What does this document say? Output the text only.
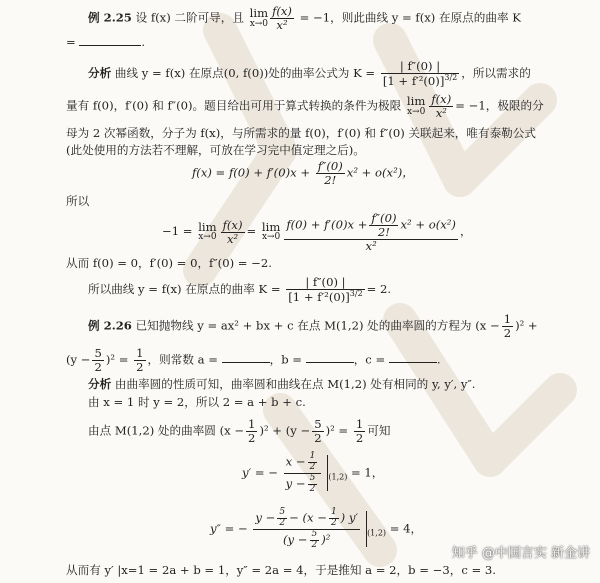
例 2.25 设 f(x) 二阶可导，且 lim
$x\to 0 \frac{f(x)}{\text{x²}} = -1$，则此曲线 y = f(x) 在原点的曲率 K
=	.
分析 曲线 y = f(x) 在原点(0, f(0))处的曲率公式为 $K = \frac{| f''(0) |}{[1 + f'^2(0)]^{3/2}}$ ，所以需求的
量有 f(0)，f′(0) 和 f″(0)。题目给出可用于算式转换的条件为极限 lim
$x\to 0 \frac{f(x)}{\text{x²}} = -1$，极限的分
母为 2 次幂函数，分子为 f(x)，与所需求的量 f(0)，f′(0) 和 f″(0) 关联起来，唯有泰勒公式
(此处使用的方法若不理解，可放在学习完中值定理之后)。
$f(x) = f(0) + f'(0)x + \frac{f''(0)}{2!} x^2 + o(x^2)$，
所以
−1 = lim
$x\to 0 \frac{f(x)}{\text{x²}} = \lim$
$x\to 0 \frac{f(0) + f'(0)x + \frac{f''(0)}{2!} x^2 + o(x^2)}{\text{x²}}$ ，
从而 f(0) = 0，f′(0) = 0，f″(0) = −2.
所以曲线 y = f(x) 在原点的曲率 $K = \frac{| f''(0) |}{[1 + f'^2(0)]^{3/2}} = 2$.
例 2.26 已知抛物线 y = ax² + bx + c 在点 M(1,2) 处的曲率圆的方程为 $(x - \frac{1}{2} )^2$ +
$(y - \frac{5}{2} )^2 = \frac{1}{2}$ ，则常数 a =	，b =	，c =	.
分析 由曲率圆的性质可知，曲率圆和曲线在点 M(1,2) 处有相同的 y, y′, y″.
由 x = 1 时 y = 2，所以 2 = a + b + c.
由点 M(1,2) 处的曲率圆 $(x - \frac{1}{2} )^2 + (y - \frac{5}{2} )^2 = \frac{1}{2}$ 可知
y′ = − $\frac{x - \frac{1}{2}}{y - \frac{5}{2}} _{(1,2)} = 1$，
y″ = − $\frac{y - \frac{5}{2} - (x - \frac{1}{2} ) y'}{(y - \frac{5}{2} )^2} _{(1,2)} = 4$，
从而有 y′ |x=1 = 2a + b = 1，y″ = 2a = 4，于是推知 a = 2，b = −3，c = 3.
知乎 @中国言实 新金讲
